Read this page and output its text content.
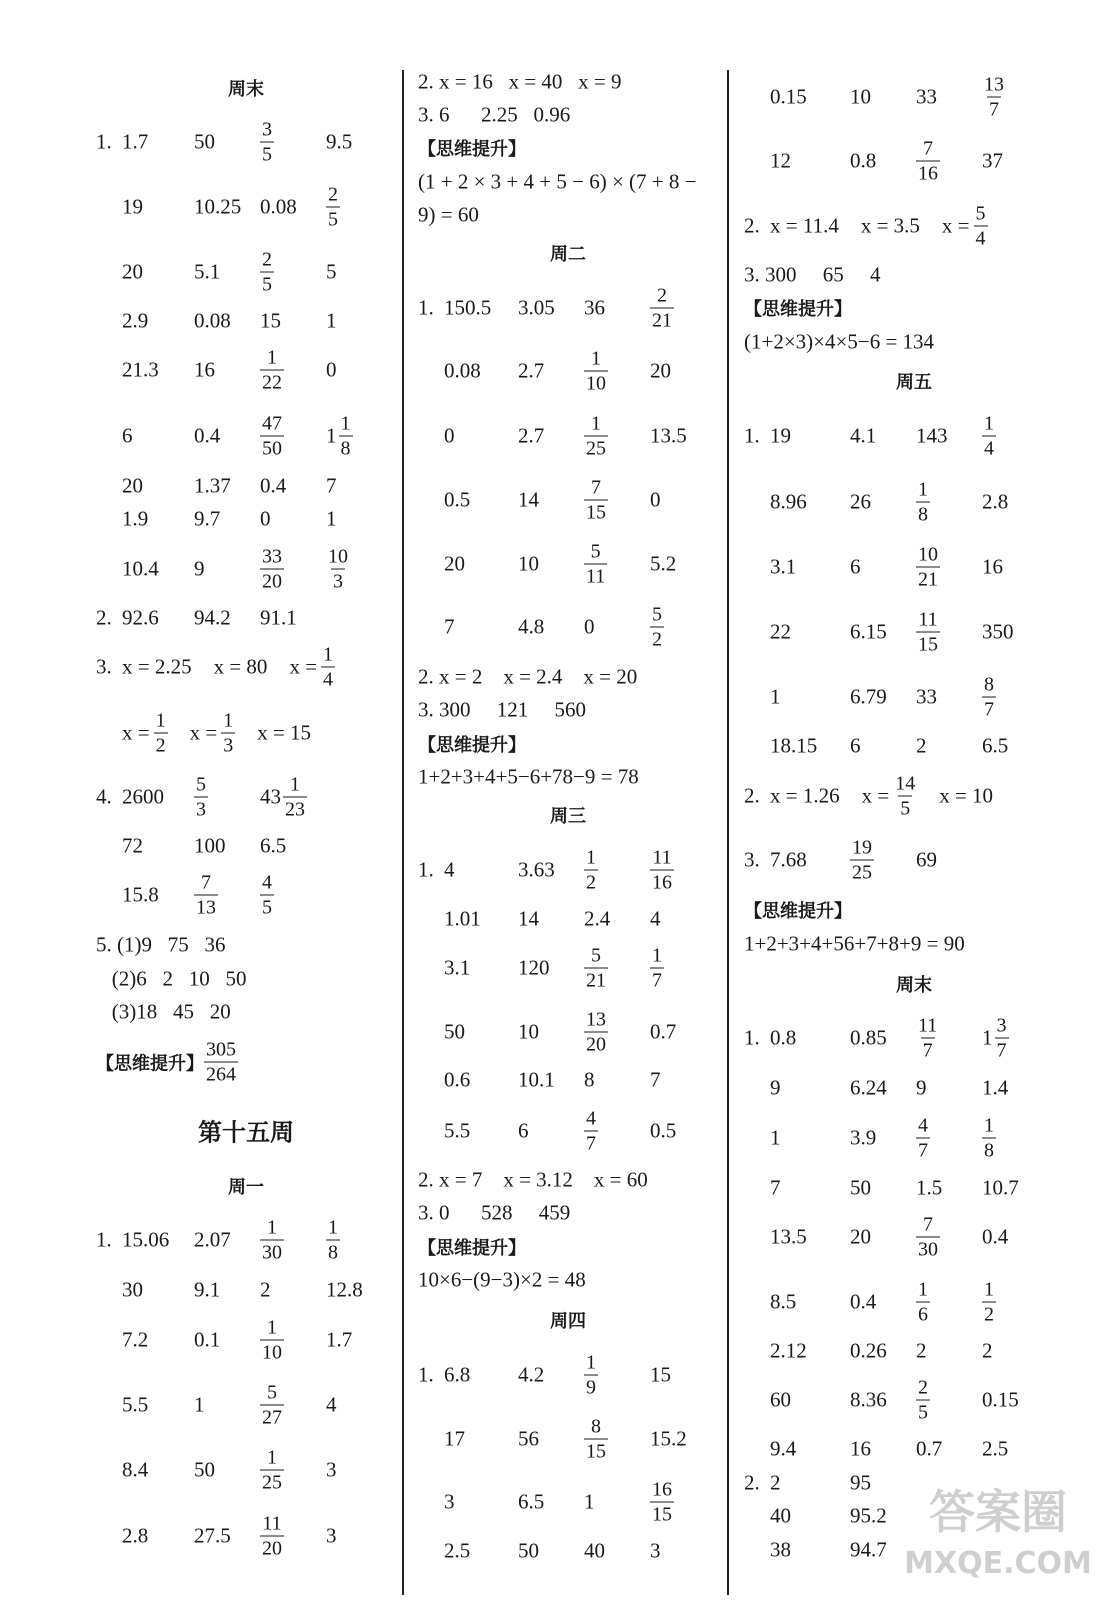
周末
1. 1.7 $50 \frac{3}{5} 9.5$
19 10.25 $0.08 \frac{2}{5}$
20 $5.1 \frac{2}{5} 5$
2.9 0.08 15 1
21.3 $16 \frac{1}{22} 0$
6	$0.4 \frac{47}{50} 1 \frac{1}{8}$
20 1.37 0.4 7
1.9 9.7 0	1
10.4 9	$\frac{33}{20} \frac{10}{3}$
2. 92.6	94.2	91.1
3. x = 2.25 x = 80 $x = \frac{1}{4}$
$x = \frac{1}{2}$ $x = \frac{1}{3}$ x = 15
4. $2600 \frac{5}{3} 43 \frac{1}{23}$
72 100 6.5
$15.8 \frac{7}{13} \frac{4}{5}$
5. (1)9   75   36
(2)6   2   10   50
(3)18   45   20
【思维提升】 $\frac{305}{264}$
第十五周
周一
1. 15.06 $2.07 \frac{1}{30} \frac{1}{8}$
30 9.1 2	12.8
7.2 $0.1 \frac{1}{10} 1.7$
5.5 1	$\frac{5}{27} 4$
8.4 $50 \frac{1}{25} 3$
2.8 $27.5 \frac{11}{20} 3$
2. x = 16   x = 40   x = 9
3. 6      2.25   0.96
【思维提升】
(1 + 2 × 3 + 4 + 5 − 6) × (7 + 8 −
9) = 60
周二
1. 150.5 3.05 $36 \frac{2}{21}$
0.08 $2.7 \frac{1}{10} 20$
0	$2.7 \frac{1}{25} 13.5$
0.5 $14 \frac{7}{15} 0$
20	$10 \frac{5}{11} 5.2$
7	4.8 0	$\frac{5}{2}$
2. x = 2    x = 2.4    x = 20
3. 300     121     560
【思维提升】
1+2+3+4+5−6+78−9 = 78
周三
1. 4	$3.63 \frac{1}{2}$	$\frac{11}{16}$
1.01 14 2.4 4
3.1 $120 \frac{5}{21} \frac{1}{7}$
50	$10 \frac{13}{20} 0.7$
0.6 10.1 8	7
5.5 6	$\frac{4}{7} 0.5$
2. x = 7    x = 3.12    x = 60
3. 0      528     459
【思维提升】
10×6−(9−3)×2 = 48
周四
1. 6.8 $4.2 \frac{1}{9} 15$
17	$56 \frac{8}{15} 15.2$
3	6.5 1	$\frac{16}{15}$
2.5 50 40 3
0.15 10 $33 \frac{13}{7}$
12	$0.8 \frac{7}{16} 37$
2. x = 11.4 x = 3.5 $x = \frac{5}{4}$
3. 300     65     4
【思维提升】
(1+2×3)×4×5−6 = 134
周五
1. 19	4.1 $143 \frac{1}{4}$
8.96 $26 \frac{1}{8} 2.8$
3.1	6	$\frac{10}{21} 16$
22	$6.15 \frac{11}{15} 350$
1	6.79 $33 \frac{8}{7}$
18.15 6	2	6.5
2. x = 1.26 $x = \frac{14}{5}$ x = 10
3. $7.68 \frac{19}{25} 69$
【思维提升】
1+2+3+4+56+7+8+9 = 90
周末
1. 0.8	$0.85 \frac{11}{7} 1 \frac{3}{7}$
9	6.24 9	1.4
1	$3.9 \frac{4}{7}$	$\frac{1}{8}$
7	50 1.5 10.7
13.5 $20 \frac{7}{30} 0.4$
8.5	$0.4 \frac{1}{6}$	$\frac{1}{2}$
2.12 0.26 2	2
60	$8.36 \frac{2}{5} 0.15$
9.4	16 0.7 2.5
2. 2	95
40	95.2
38	94.7
答案圈
MXQE.COM
